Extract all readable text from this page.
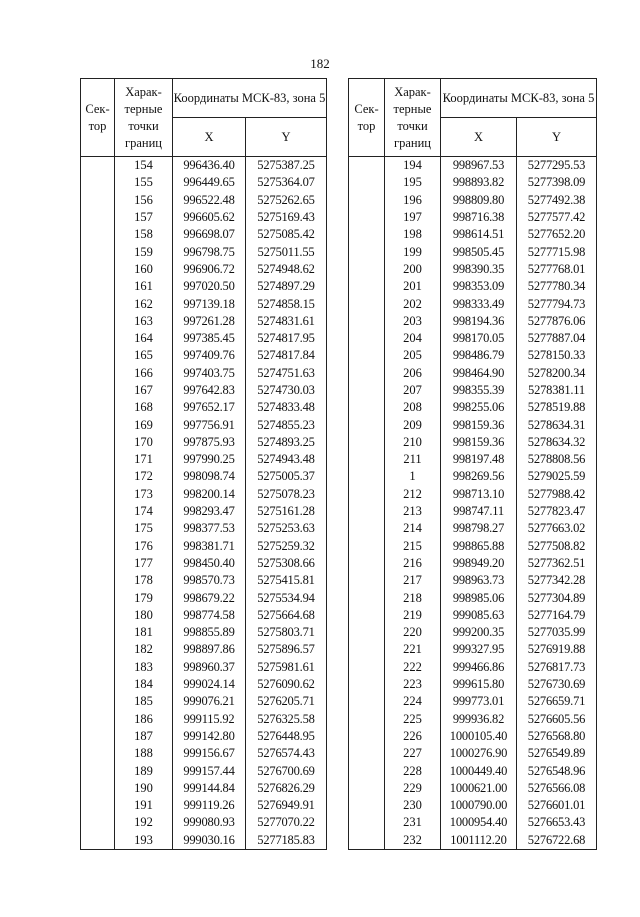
182
Сек-тор	Харак-терные точки границ	Координаты МСК-83, зона 5	
		X	Y
	154	996436.40	5275387.25
	155	996449.65	5275364.07
	156	996522.48	5275262.65
	157	996605.62	5275169.43
	158	996698.07	5275085.42
	159	996798.75	5275011.55
	160	996906.72	5274948.62
	161	997020.50	5274897.29
	162	997139.18	5274858.15
	163	997261.28	5274831.61
	164	997385.45	5274817.95
	165	997409.76	5274817.84
	166	997403.75	5274751.63
	167	997642.83	5274730.03
	168	997652.17	5274833.48
	169	997756.91	5274855.23
	170	997875.93	5274893.25
	171	997990.25	5274943.48
	172	998098.74	5275005.37
	173	998200.14	5275078.23
	174	998293.47	5275161.28
	175	998377.53	5275253.63
	176	998381.71	5275259.32
	177	998450.40	5275308.66
	178	998570.73	5275415.81
	179	998679.22	5275534.94
	180	998774.58	5275664.68
	181	998855.89	5275803.71
	182	998897.86	5275896.57
	183	998960.37	5275981.61
	184	999024.14	5276090.62
	185	999076.21	5276205.71
	186	999115.92	5276325.58
	187	999142.80	5276448.95
	188	999156.67	5276574.43
	189	999157.44	5276700.69
	190	999144.84	5276826.29
	191	999119.26	5276949.91
	192	999080.93	5277070.22
	193	999030.16	5277185.83
Сек-тор	Харак-терные точки границ	Координаты МСК-83, зона 5	
		X	Y
	194	998967.53	5277295.53
	195	998893.82	5277398.09
	196	998809.80	5277492.38
	197	998716.38	5277577.42
	198	998614.51	5277652.20
	199	998505.45	5277715.98
	200	998390.35	5277768.01
	201	998353.09	5277780.34
	202	998333.49	5277794.73
	203	998194.36	5277876.06
	204	998170.05	5277887.04
	205	998486.79	5278150.33
	206	998464.90	5278200.34
	207	998355.39	5278381.11
	208	998255.06	5278519.88
	209	998159.36	5278634.31
	210	998159.36	5278634.32
	211	998197.48	5278808.56
	1	998269.56	5279025.59
	212	998713.10	5277988.42
	213	998747.11	5277823.47
	214	998798.27	5277663.02
	215	998865.88	5277508.82
	216	998949.20	5277362.51
	217	998963.73	5277342.28
	218	998985.06	5277304.89
	219	999085.63	5277164.79
	220	999200.35	5277035.99
	221	999327.95	5276919.88
	222	999466.86	5276817.73
	223	999615.80	5276730.69
	224	999773.01	5276659.71
	225	999936.82	5276605.56
	226	1000105.40	5276568.80
	227	1000276.90	5276549.89
	228	1000449.40	5276548.96
	229	1000621.00	5276566.08
	230	1000790.00	5276601.01
	231	1000954.40	5276653.43
	232	1001112.20	5276722.68
